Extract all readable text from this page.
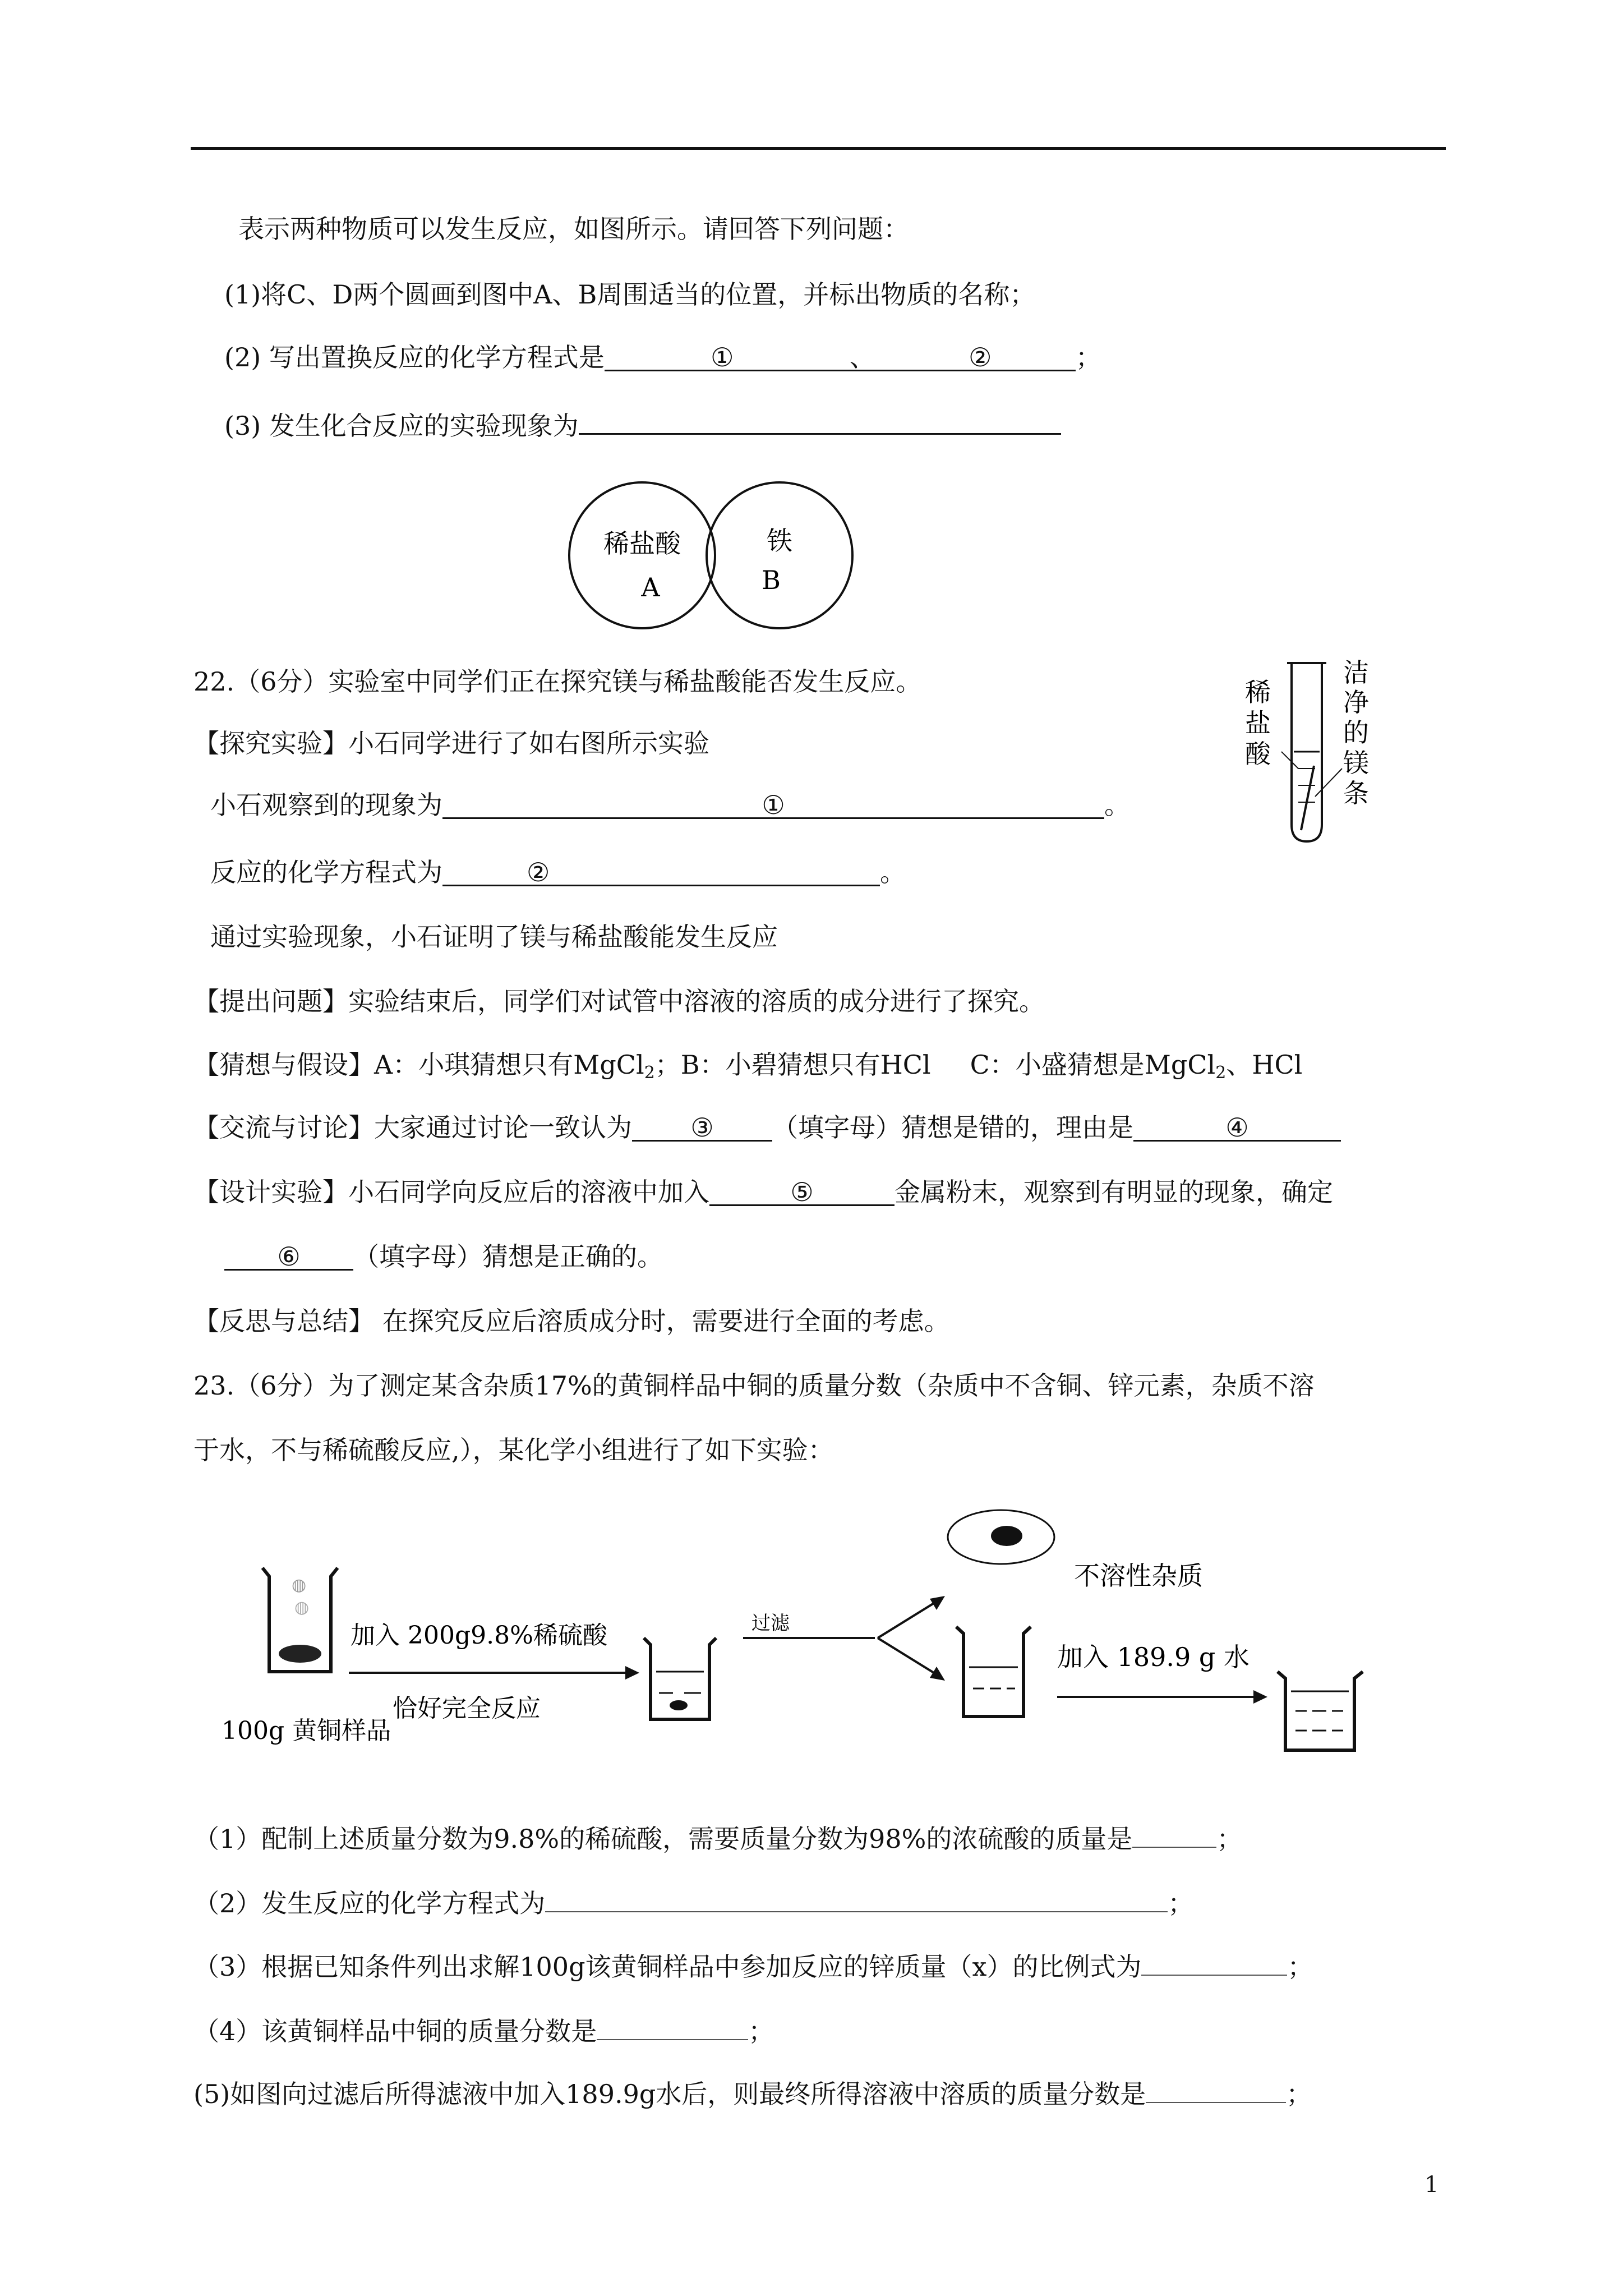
表示两种物质可以发生反应，如图所示。请回答下列问题：
(1)将C、D两个圆画到图中A、B周围适当的位置，并标出物质的名称；
(2) 写出置换反应的化学方程式是	①	、	②	；
(3) 发生化合反应的实验现象为
稀盐酸
A
铁
B
22.（6分）实验室中同学们正在探究镁与稀盐酸能否发生反应。
【探究实验】小石同学进行了如右图所示实验
小石观察到的现象为	①	。
反应的化学方程式为	②	。
通过实验现象，小石证明了镁与稀盐酸能发生反应
【提出问题】实验结束后，同学们对试管中溶液的溶质的成分进行了探究。
【猜想与假设】A：小琪猜想只有MgCl$_2$；B：小碧猜想只有HCl C：小盛猜想是MgCl$_2$、HCl
【交流与讨论】大家通过讨论一致认为 ③ （填字母）猜想是错的，理由是	④
【设计实验】小石同学向反应后的溶液中加入	⑤	金属粉末，观察到有明显的现象，确定
⑥ （填字母）猜想是正确的。
【反思与总结】 在探究反应后溶质成分时，需要进行全面的考虑。
稀
盐
酸
洁
净
的
镁
条
23.（6分）为了测定某含杂质17%的黄铜样品中铜的质量分数（杂质中不含铜、锌元素，杂质不溶
于水，不与稀硫酸反应,），某化学小组进行了如下实验：
◍
◍
100g 黄铜样品
加入 200g9.8%稀硫酸
恰好完全反应
过滤
不溶性杂质
加入 189.9 g 水
（1）配制上述质量分数为9.8%的稀硫酸，需要质量分数为98%的浓硫酸的质量是	；
（2）发生反应的化学方程式为	；
（3）根据已知条件列出求解100g该黄铜样品中参加反应的锌质量（x）的比例式为	；
（4）该黄铜样品中铜的质量分数是	；
(5)如图向过滤后所得滤液中加入189.9g水后，则最终所得溶液中溶质的质量分数是	；
1
